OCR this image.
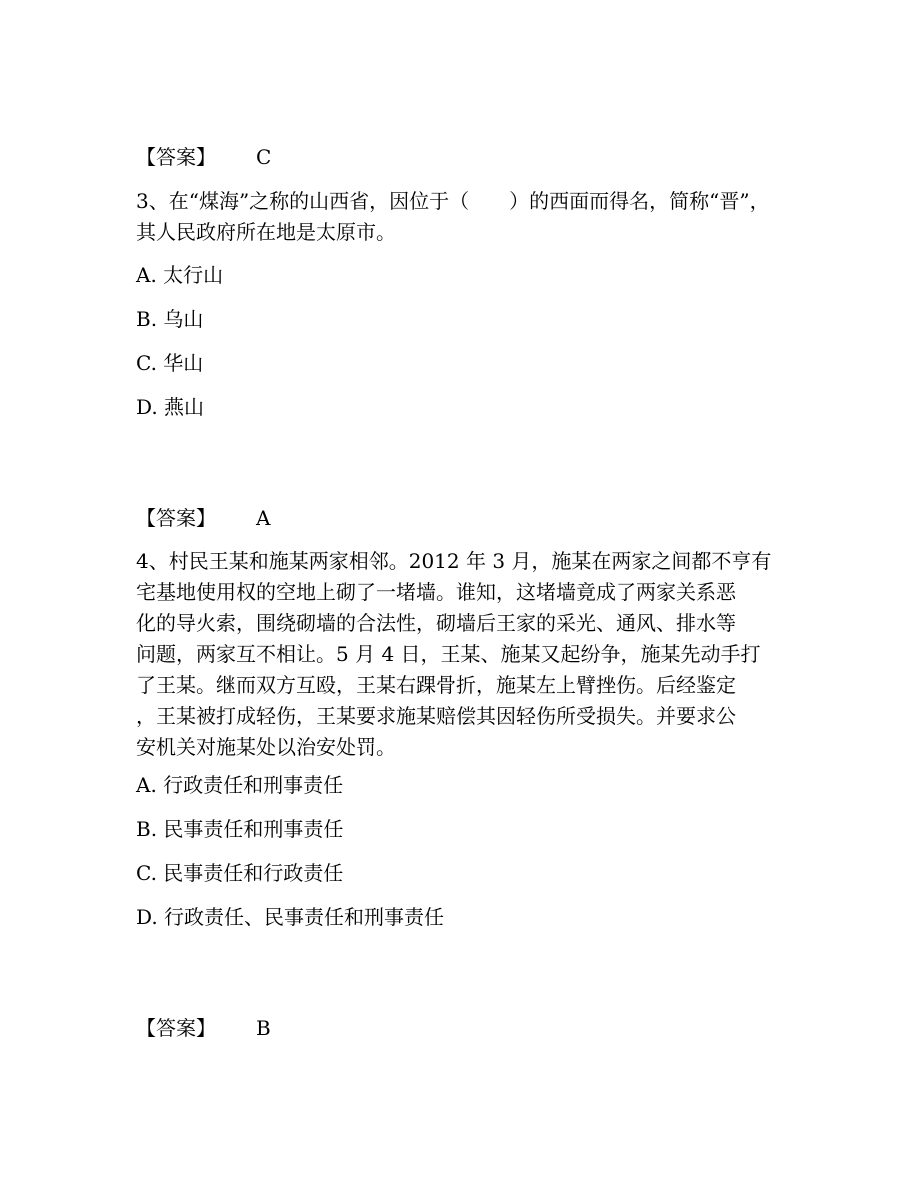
【答案】 C
3、在“煤海”之称的山西省，因位于（　　）的西面而得名，简称“晋”，
其人民政府所在地是太原市。
A. 太行山
B. 乌山
C. 华山
D. 燕山
【答案】 A
4、村民王某和施某两家相邻。2012 年 3 月，施某在两家之间都不亨有
宅基地使用权的空地上砌了一堵墙。谁知，这堵墙竟成了两家关系恶
化的导火索，围绕砌墙的合法性，砌墙后王家的采光、通风、排水等
问题，两家互不相让。5 月 4 日，王某、施某又起纷争，施某先动手打
了王某。继而双方互殴，王某右踝骨折，施某左上臂挫伤。后经鉴定
，王某被打成轻伤，王某要求施某赔偿其因轻伤所受损失。并要求公
安机关对施某处以治安处罚。
A. 行政责任和刑事责任
B. 民事责任和刑事责任
C. 民事责任和行政责任
D. 行政责任、民事责任和刑事责任
【答案】 B
